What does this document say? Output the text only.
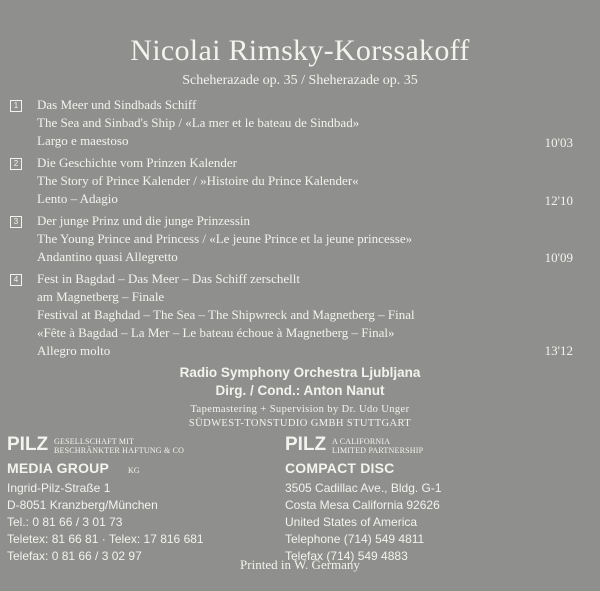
Nicolai Rimsky-Korssakoff
Scheherazade op. 35 / Sheherazade op. 35
1 Das Meer und Sindbads Schiff
The Sea and Sinbad's Ship / «La mer et le bateau de Sindbad»
Largo e maestoso	10'03
2 Die Geschichte vom Prinzen Kalender
The Story of Prince Kalender / »Histoire du Prince Kalender«
Lento – Adagio	12'10
3 Der junge Prinz und die junge Prinzessin
The Young Prince and Princess / «Le jeune Prince et la jeune princesse»
Andantino quasi Allegretto	10'09
4 Fest in Bagdad – Das Meer – Das Schiff zerschellt
am Magnetberg – Finale
Festival at Baghdad – The Sea – The Shipwreck and Magnetberg – Final
«Fête à Bagdad – La Mer – Le bateau échoue à Magnetberg – Final»
Allegro molto	13'12
Radio Symphony Orchestra Ljubljana
Dirg. / Cond.: Anton Nanut
Tapemastering + Supervision by Dr. Udo Unger
SÜDWEST-TONSTUDIO GMBH STUTTGART
PILZ GESELLSCHAFT MIT
BESCHRÄNKTER HAFTUNG & CO
MEDIA GROUP KG
Ingrid-Pilz-Straße 1
D-8051 Kranzberg/München
Tel.: 0 81 66 / 3 01 73
Teletex: 81 66 81 · Telex: 17 816 681
Telefax: 0 81 66 / 3 02 97
PILZ A CALIFORNIA
LIMITED PARTNERSHIP
COMPACT DISC
3505 Cadillac Ave., Bldg. G-1
Costa Mesa California 92626
United States of America
Telephone (714) 549 4811
Telefax (714) 549 4883
Printed in W. Germany
